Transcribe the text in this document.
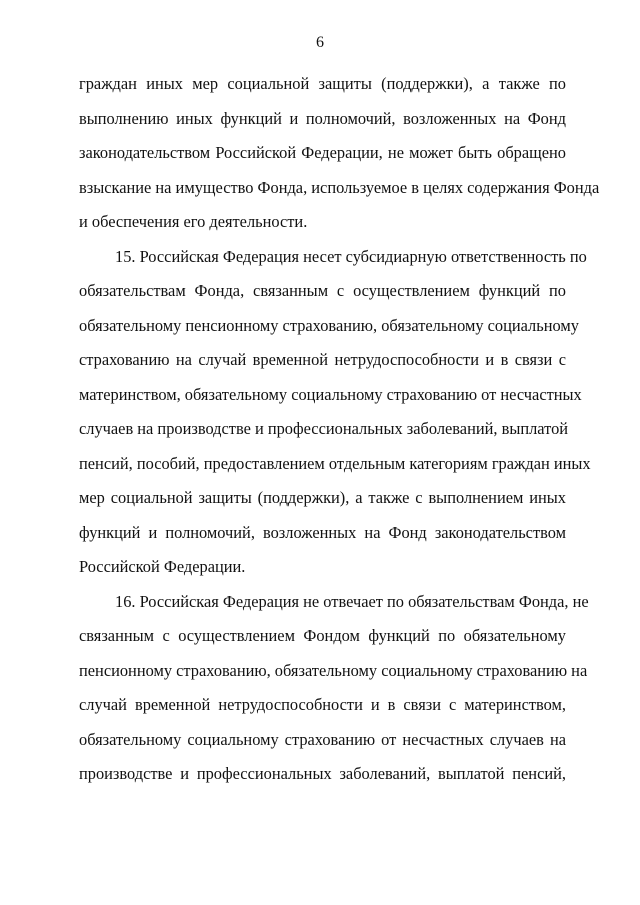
6
граждан иных мер социальной защиты (поддержки), а также по
выполнению иных функций и полномочий, возложенных на Фонд
законодательством Российской Федерации, не может быть обращено
взыскание на имущество Фонда, используемое в целях содержания Фонда
и обеспечения его деятельности.
15. Российская Федерация несет субсидиарную ответственность по
обязательствам Фонда, связанным с осуществлением функций по
обязательному пенсионному страхованию, обязательному социальному
страхованию на случай временной нетрудоспособности и в связи с
материнством, обязательному социальному страхованию от несчастных
случаев на производстве и профессиональных заболеваний, выплатой
пенсий, пособий, предоставлением отдельным категориям граждан иных
мер социальной защиты (поддержки), а также с выполнением иных
функций и полномочий, возложенных на Фонд законодательством
Российской Федерации.
16. Российская Федерация не отвечает по обязательствам Фонда, не
связанным с осуществлением Фондом функций по обязательному
пенсионному страхованию, обязательному социальному страхованию на
случай временной нетрудоспособности и в связи с материнством,
обязательному социальному страхованию от несчастных случаев на
производстве и профессиональных заболеваний, выплатой пенсий,
